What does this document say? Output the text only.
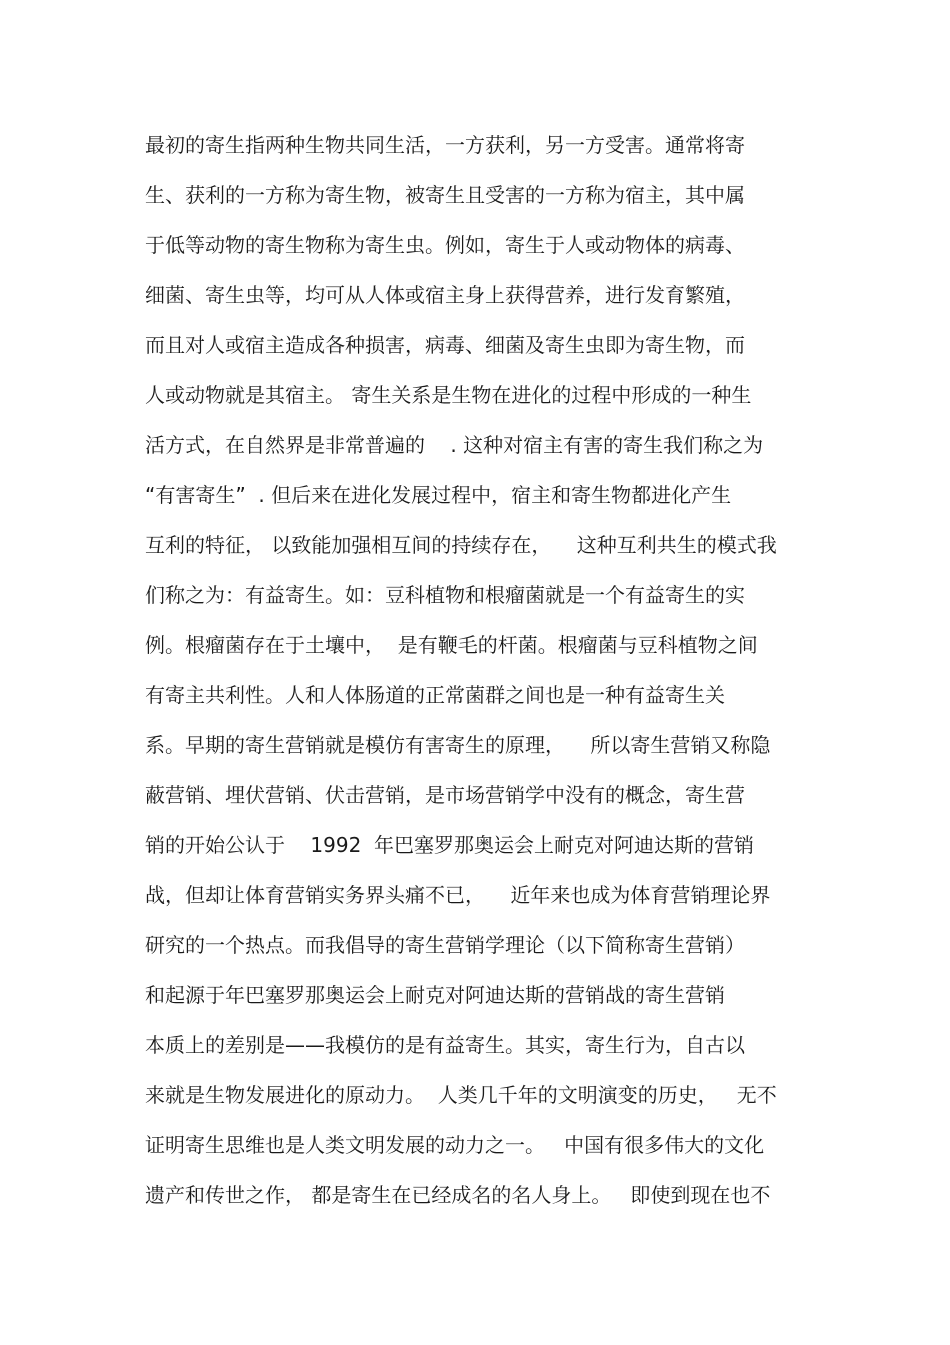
最初的寄生指两种生物共同生活，一方获利，另一方受害。通常将寄
生、获利的一方称为寄生物，被寄生且受害的一方称为宿主，其中属
于低等动物的寄生物称为寄生虫。例如，寄生于人或动物体的病毒、
细菌、寄生虫等，均可从人体或宿主身上获得营养，进行发育繁殖，
而且对人或宿主造成各种损害，病毒、细菌及寄生虫即为寄生物，而
人或动物就是其宿主。 寄生关系是生物在进化的过程中形成的一种生
活方式，在自然界是非常普遍的    . 这种对宿主有害的寄生我们称之为
“有害寄生”  . 但后来在进化发展过程中，宿主和寄生物都进化产生
互利的特征， 以致能加强相互间的持续存在，    这种互利共生的模式我
们称之为：有益寄生。如：豆科植物和根瘤菌就是一个有益寄生的实
例。根瘤菌存在于土壤中，  是有鞭毛的杆菌。根瘤菌与豆科植物之间
有寄主共利性。人和人体肠道的正常菌群之间也是一种有益寄生关
系。早期的寄生营销就是模仿有害寄生的原理，    所以寄生营销又称隐
蔽营销、埋伏营销、伏击营销，是市场营销学中没有的概念，寄生营
销的开始公认于    1992  年巴塞罗那奥运会上耐克对阿迪达斯的营销
战，但却让体育营销实务界头痛不已，    近年来也成为体育营销理论界
研究的一个热点。而我倡导的寄生营销学理论（以下简称寄生营销）
和起源于年巴塞罗那奥运会上耐克对阿迪达斯的营销战的寄生营销
本质上的差别是——我模仿的是有益寄生。其实，寄生行为，自古以
来就是生物发展进化的原动力。  人类几千年的文明演变的历史，   无不
证明寄生思维也是人类文明发展的动力之一。   中国有很多伟大的文化
遗产和传世之作， 都是寄生在已经成名的名人身上。   即使到现在也不
